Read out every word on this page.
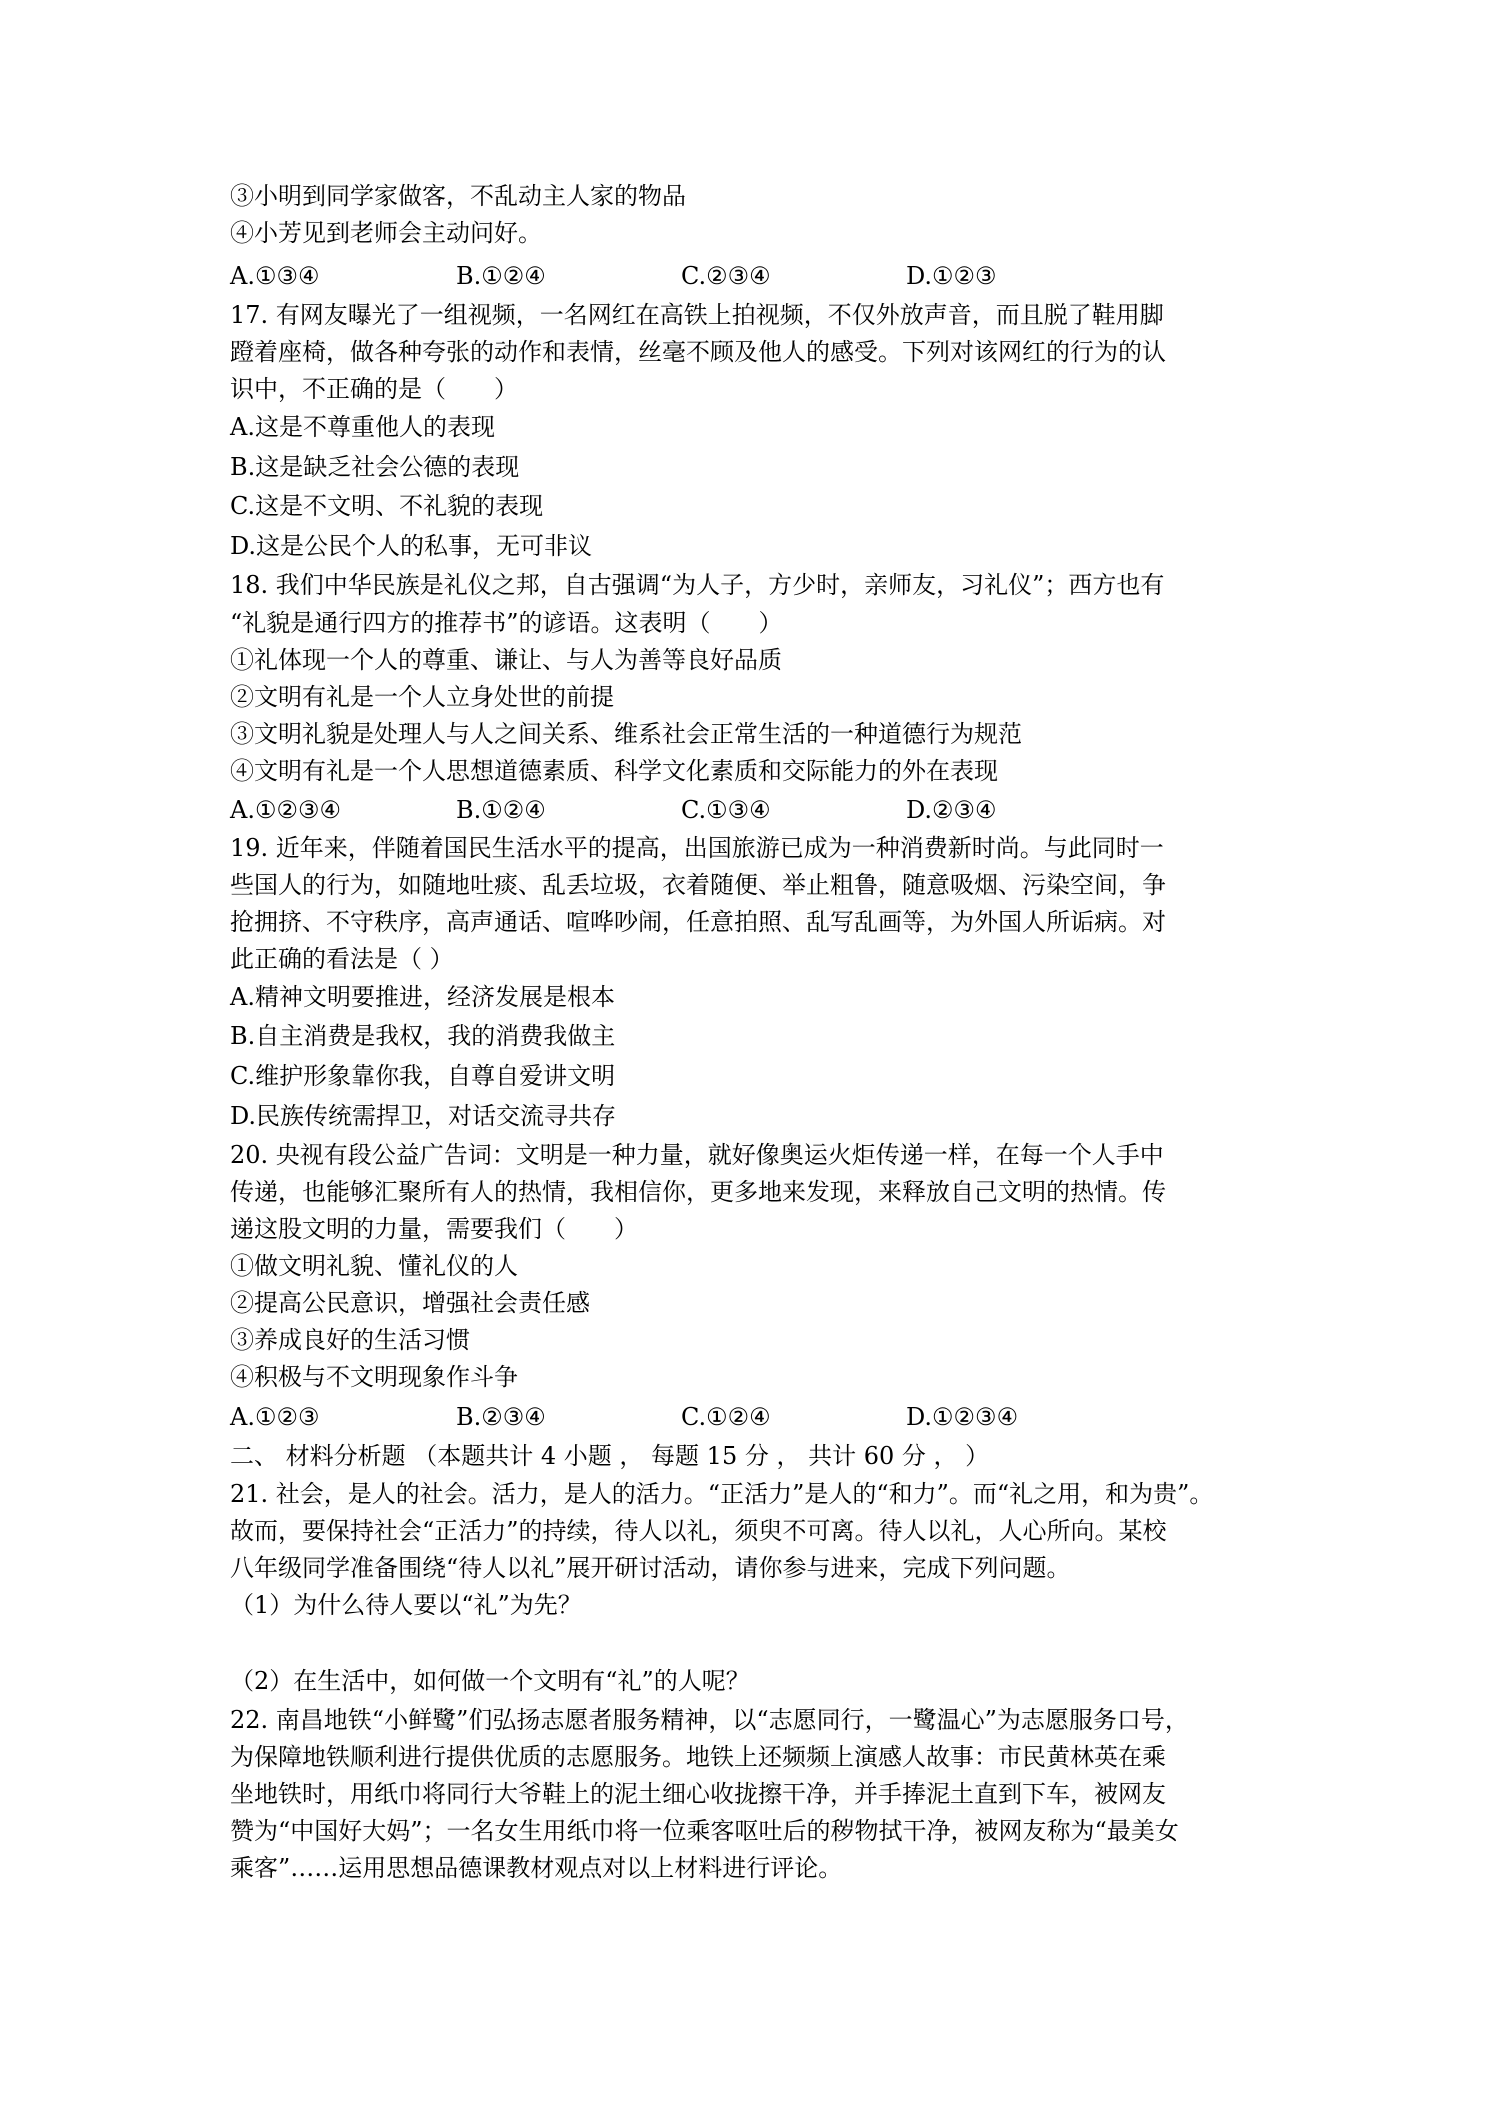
③小明到同学家做客，不乱动主人家的物品
④小芳见到老师会主动问好。
A.①③④	B.①②④	C.②③④	D.①②③
17. 有网友曝光了一组视频，一名网红在高铁上拍视频，不仅外放声音，而且脱了鞋用脚
蹬着座椅，做各种夸张的动作和表情，丝毫不顾及他人的感受。下列对该网红的行为的认
识中，不正确的是（　　）
A.这是不尊重他人的表现
B.这是缺乏社会公德的表现
C.这是不文明、不礼貌的表现
D.这是公民个人的私事，无可非议
18. 我们中华民族是礼仪之邦，自古强调“为人子，方少时，亲师友，习礼仪”；西方也有
“礼貌是通行四方的推荐书”的谚语。这表明（　　）
①礼体现一个人的尊重、谦让、与人为善等良好品质
②文明有礼是一个人立身处世的前提
③文明礼貌是处理人与人之间关系、维系社会正常生活的一种道德行为规范
④文明有礼是一个人思想道德素质、科学文化素质和交际能力的外在表现
A.①②③④	B.①②④	C.①③④	D.②③④
19. 近年来，伴随着国民生活水平的提高，出国旅游已成为一种消费新时尚。与此同时一
些国人的行为，如随地吐痰、乱丢垃圾，衣着随便、举止粗鲁，随意吸烟、污染空间，争
抢拥挤、不守秩序，高声通话、喧哗吵闹，任意拍照、乱写乱画等，为外国人所诟病。对
此正确的看法是（ ）
A.精神文明要推进，经济发展是根本
B.自主消费是我权，我的消费我做主
C.维护形象靠你我，自尊自爱讲文明
D.民族传统需捍卫，对话交流寻共存
20. 央视有段公益广告词：文明是一种力量，就好像奥运火炬传递一样，在每一个人手中
传递，也能够汇聚所有人的热情，我相信你，更多地来发现，来释放自己文明的热情。传
递这股文明的力量，需要我们（　　）
①做文明礼貌、懂礼仪的人
②提高公民意识，增强社会责任感
③养成良好的生活习惯
④积极与不文明现象作斗争
A.①②③	B.②③④	C.①②④	D.①②③④
二、 材料分析题 （本题共计 4 小题 ， 每题 15 分 ， 共计 60 分 ， ）
21. 社会，是人的社会。活力，是人的活力。“正活力”是人的“和力”。而“礼之用，和为贵”。
故而，要保持社会“正活力”的持续，待人以礼，须臾不可离。待人以礼，人心所向。某校
八年级同学准备围绕“待人以礼”展开研讨活动，请你参与进来，完成下列问题。
（1）为什么待人要以“礼”为先？
（2）在生活中，如何做一个文明有“礼”的人呢？
22. 南昌地铁“小鲜鹭”们弘扬志愿者服务精神，以“志愿同行，一鹭温心”为志愿服务口号，
为保障地铁顺利进行提供优质的志愿服务。地铁上还频频上演感人故事：市民黄林英在乘
坐地铁时，用纸巾将同行大爷鞋上的泥土细心收拢擦干净，并手捧泥土直到下车，被网友
赞为“中国好大妈”；一名女生用纸巾将一位乘客呕吐后的秽物拭干净，被网友称为“最美女
乘客”……运用思想品德课教材观点对以上材料进行评论。
